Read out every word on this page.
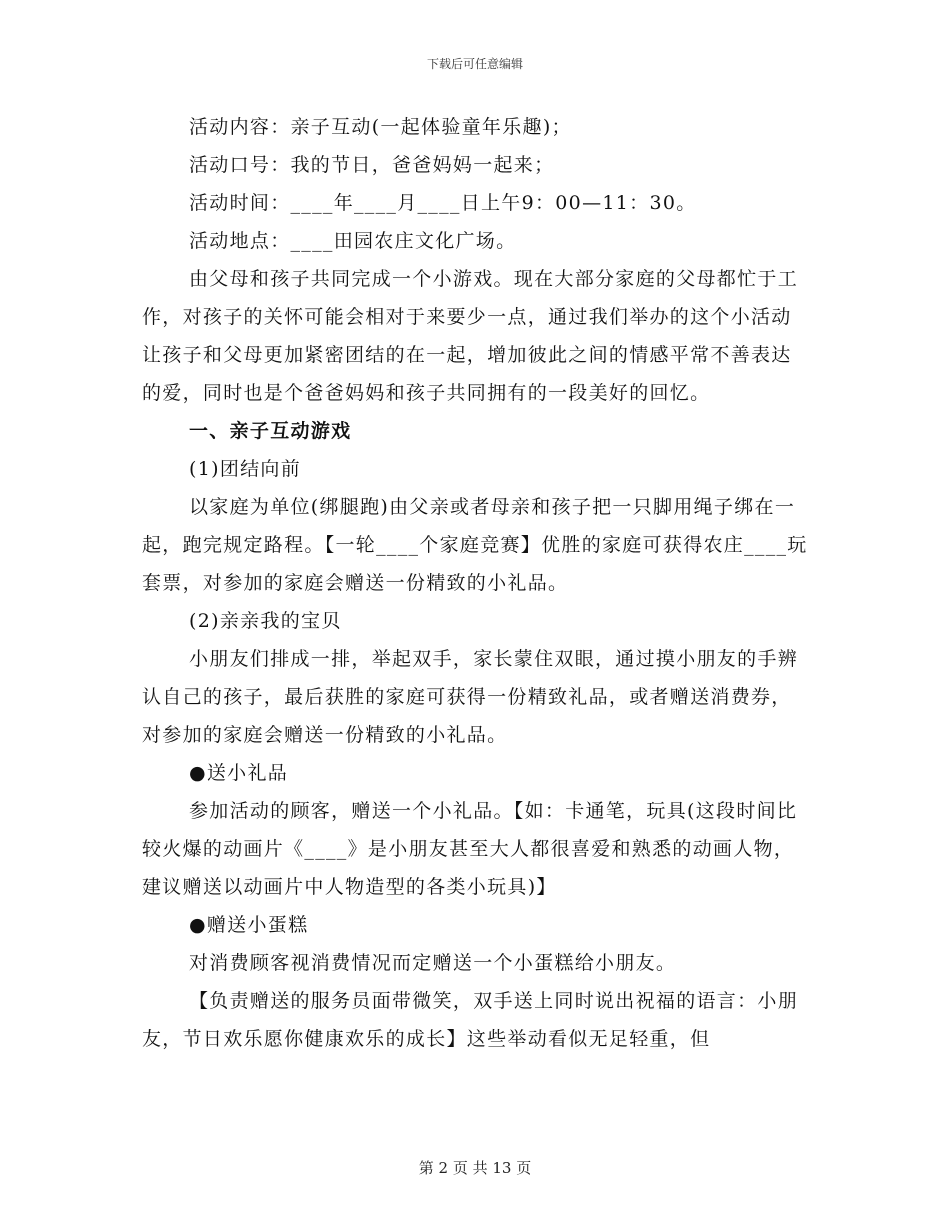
下载后可任意编辑

活动内容：亲子互动(一起体验童年乐趣)；

活动口号：我的节日，爸爸妈妈一起来；

活动时间：____年____月____日上午9：00—11：30。

活动地点：____田园农庄文化广场。

由父母和孩子共同完成一个小游戏。现在大部分家庭的父母都忙于工作，对孩子的关怀可能会相对于来要少一点，通过我们举办的这个小活动让孩子和父母更加紧密团结的在一起，增加彼此之间的情感平常不善表达的爱，同时也是个爸爸妈妈和孩子共同拥有的一段美好的回忆。

一、亲子互动游戏

(1)团结向前

以家庭为单位(绑腿跑)由父亲或者母亲和孩子把一只脚用绳子绑在一起，跑完规定路程。【一轮____个家庭竞赛】优胜的家庭可获得农庄____玩套票，对参加的家庭会赠送一份精致的小礼品。

(2)亲亲我的宝贝

小朋友们排成一排，举起双手，家长蒙住双眼，通过摸小朋友的手辨认自己的孩子，最后获胜的家庭可获得一份精致礼品，或者赠送消费券，对参加的家庭会赠送一份精致的小礼品。

●送小礼品

参加活动的顾客，赠送一个小礼品。【如：卡通笔，玩具(这段时间比较火爆的动画片《____》是小朋友甚至大人都很喜爱和熟悉的动画人物，建议赠送以动画片中人物造型的各类小玩具)】

●赠送小蛋糕

对消费顾客视消费情况而定赠送一个小蛋糕给小朋友。

【负责赠送的服务员面带微笑，双手送上同时说出祝福的语言：小朋友，节日欢乐愿你健康欢乐的成长】这些举动看似无足轻重，但

第 2 页 共 13 页
